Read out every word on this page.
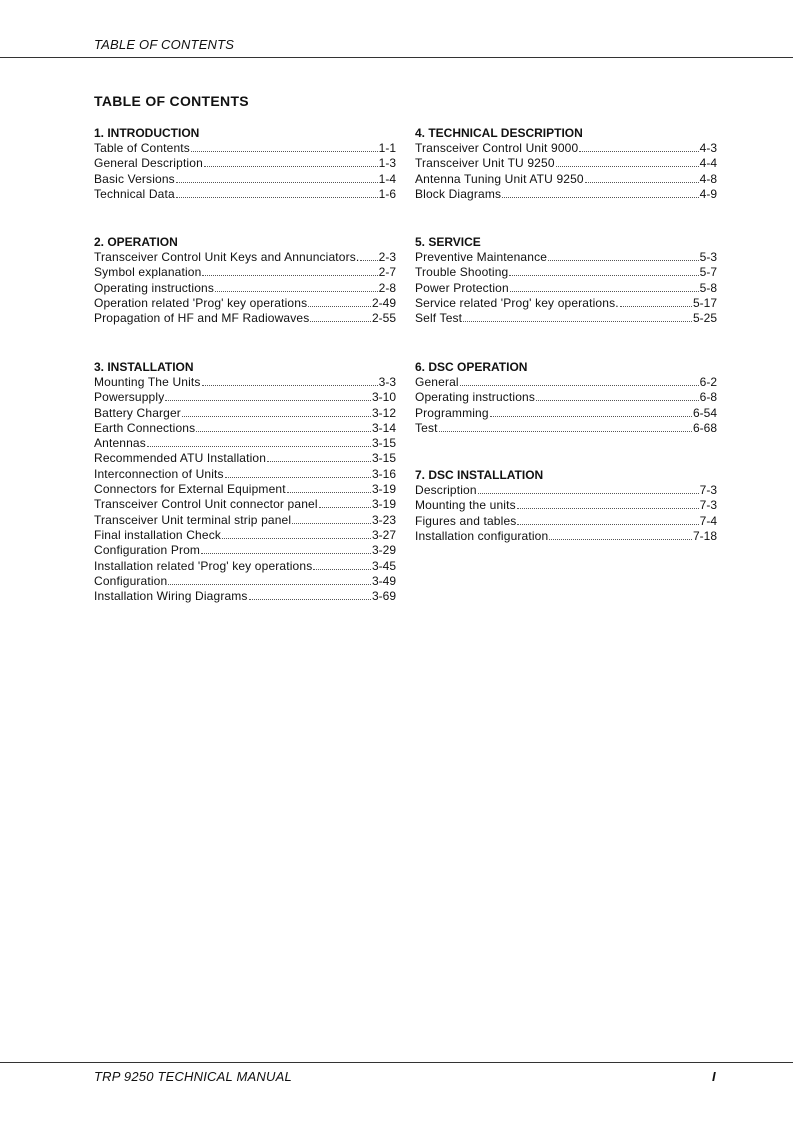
TABLE OF CONTENTS
TABLE OF CONTENTS
1. INTRODUCTION
Table of Contents	1-1
General Description	1-3
Basic Versions	1-4
Technical Data	1-6
2. OPERATION
Transceiver Control Unit Keys and Annunciators. 2-3
Symbol explanation	2-7
Operating instructions	2-8
Operation related 'Prog' key operations	2-49
Propagation of HF and MF Radiowaves	2-55
3. INSTALLATION
Mounting The Units	3-3
Powersupply	3-10
Battery Charger	3-12
Earth Connections	3-14
Antennas	3-15
Recommended ATU Installation	3-15
Interconnection of Units	3-16
Connectors for External Equipment	3-19
Transceiver Control Unit connector panel	3-19
Transceiver Unit terminal strip panel	3-23
Final installation Check	3-27
Configuration Prom	3-29
Installation related 'Prog' key operations	3-45
Configuration	3-49
Installation Wiring Diagrams	3-69
4. TECHNICAL DESCRIPTION
Transceiver Control Unit 9000	4-3
Transceiver Unit TU 9250	4-4
Antenna Tuning Unit ATU 9250	4-8
Block Diagrams	4-9
5. SERVICE
Preventive Maintenance	5-3
Trouble Shooting	5-7
Power Protection	5-8
Service related 'Prog' key operations.	5-17
Self Test	5-25
6. DSC OPERATION
General	6-2
Operating instructions	6-8
Programming	6-54
Test	6-68
7. DSC INSTALLATION
Description	7-3
Mounting the units	7-3
Figures and tables	7-4
Installation configuration	7-18
TRP 9250 TECHNICAL MANUAL	I
